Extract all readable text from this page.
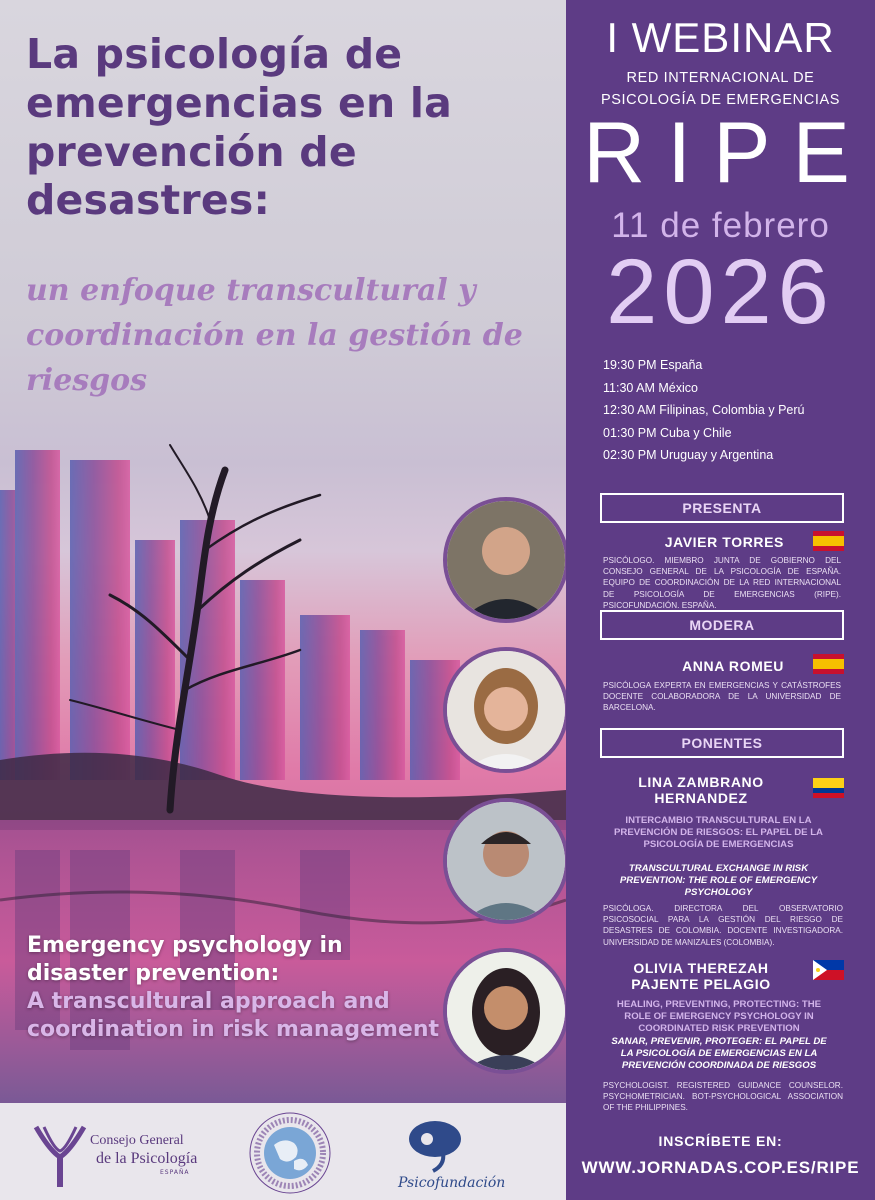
La psicología de emergencias en la prevención de desastres:
un enfoque transcultural y coordinación en la gestión de riesgos
Emergency psychology in disaster prevention:
A transcultural approach and coordination in risk management
Consejo General
de la Psicología
ESPAÑA
Psicofundación
I WEBINAR
RED INTERNACIONAL DE
PSICOLOGÍA DE EMERGENCIAS
RIPE
11 de febrero
2026
19:30 PM España
11:30 AM México
12:30 AM Filipinas, Colombia y Perú
01:30 PM Cuba y Chile
02:30 PM Uruguay y Argentina
PRESENTA
JAVIER TORRES
PSICÓLOGO. MIEMBRO JUNTA DE GOBIERNO DEL CONSEJO GENERAL DE LA PSICOLOGÍA DE ESPAÑA. EQUIPO DE COORDINACIÓN DE LA RED INTERNACIONAL DE PSICOLOGÍA DE EMERGENCIAS (RIPE). PSICOFUNDACIÓN. ESPAÑA.
MODERA
ANNA ROMEU
PSICÓLOGA EXPERTA EN EMERGENCIAS Y CATÁSTROFES DOCENTE COLABORADORA DE LA UNIVERSIDAD DE BARCELONA.
PONENTES
LINA ZAMBRANO
HERNANDEZ
INTERCAMBIO TRANSCULTURAL EN LA PREVENCIÓN DE RIESGOS: EL PAPEL DE LA PSICOLOGÍA DE EMERGENCIAS
TRANSCULTURAL EXCHANGE IN RISK PREVENTION: THE ROLE OF EMERGENCY PSYCHOLOGY
PSICÓLOGA. DIRECTORA DEL OBSERVATORIO PSICOSOCIAL PARA LA GESTIÓN DEL RIESGO DE DESASTRES DE COLOMBIA. DOCENTE INVESTIGADORA. UNIVERSIDAD DE MANIZALES (COLOMBIA).
OLIVIA THEREZAH
PAJENTE PELAGIO
HEALING, PREVENTING, PROTECTING: THE ROLE OF EMERGENCY PSYCHOLOGY IN COORDINATED RISK PREVENTION
SANAR, PREVENIR, PROTEGER: EL PAPEL DE LA PSICOLOGÍA DE EMERGENCIAS EN LA PREVENCIÓN COORDINADA DE RIESGOS
PSYCHOLOGIST. REGISTERED GUIDANCE COUNSELOR. PSYCHOMETRICIAN. BOT-PSYCHOLOGICAL ASSOCIATION OF THE PHILIPPINES.
INSCRÍBETE EN:
WWW.JORNADAS.COP.ES/RIPE
